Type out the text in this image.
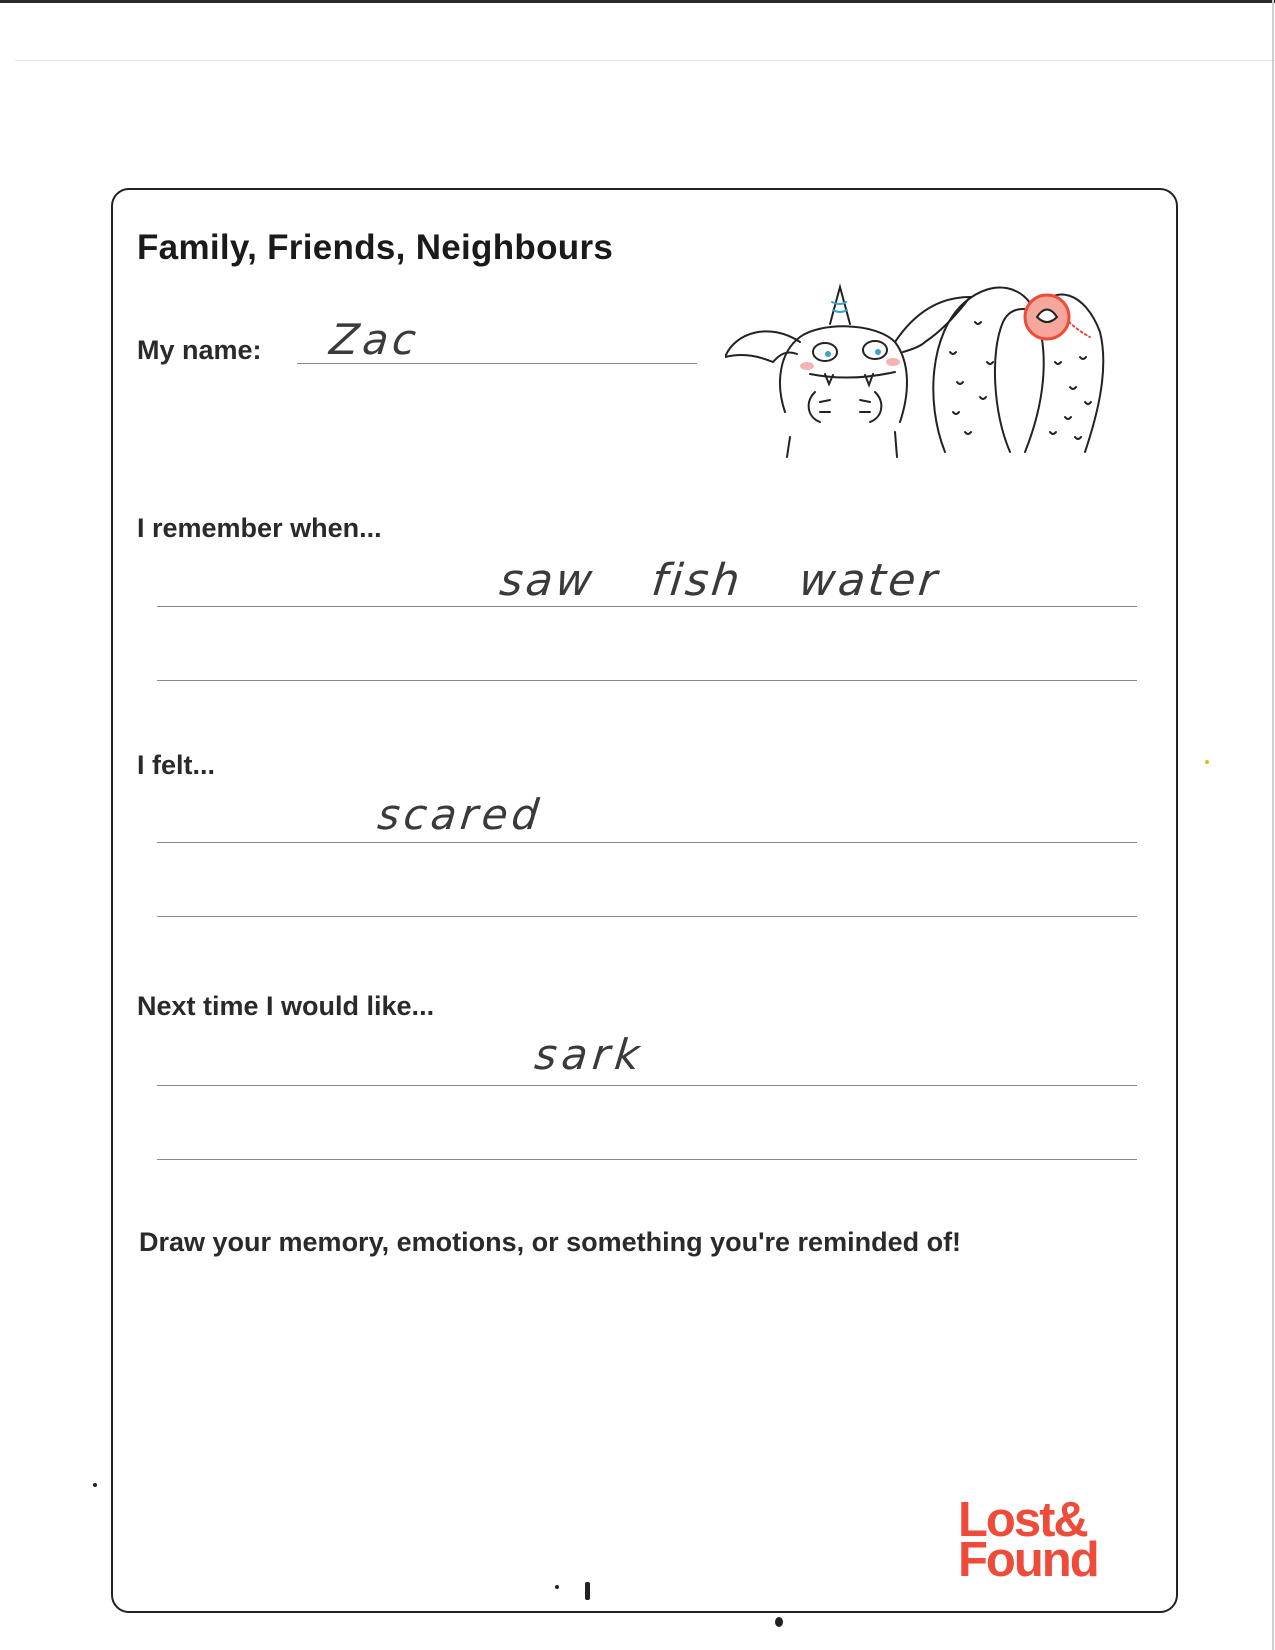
Family, Friends, Neighbours
My name: Zac
I remember when...
saw fish water
I felt...
scared
Next time I would like...
sark
Draw your memory, emotions, or something you're reminded of!
Lost&
Found
